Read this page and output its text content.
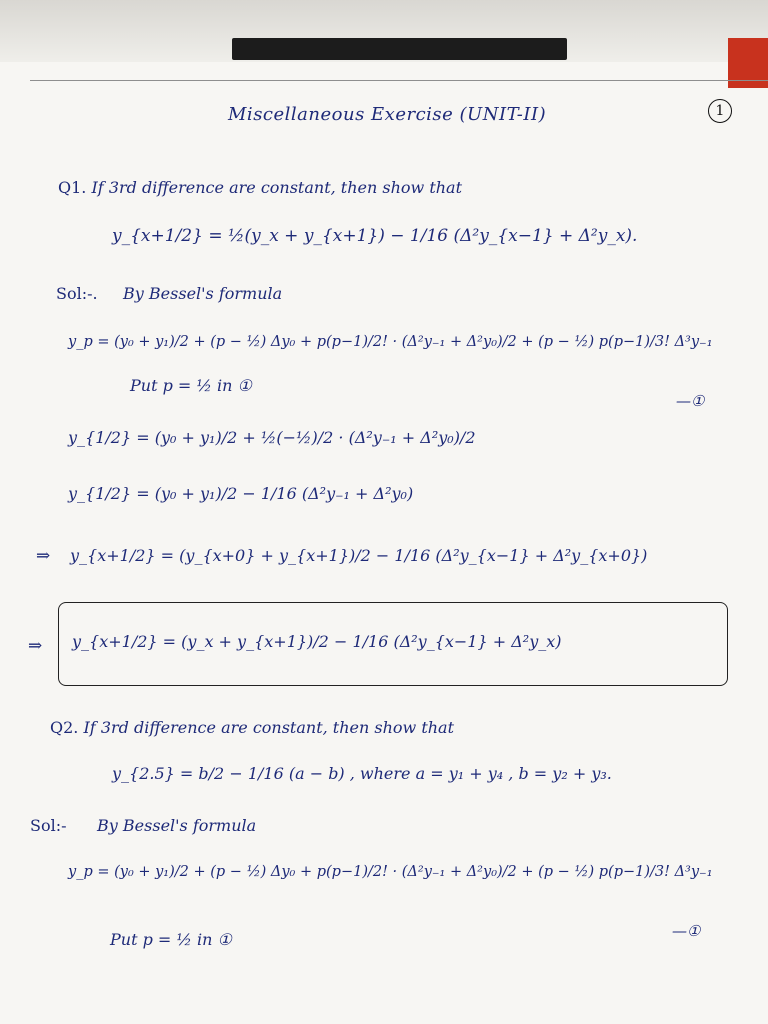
Miscellaneous Exercise (UNIT-II)	1
Q1. If 3rd difference are constant, then show that
y_{x+1/2} = ½(y_x + y_{x+1}) − 1/16 (Δ²y_{x−1} + Δ²y_x).
Sol:-. By Bessel's formula
y_p = (y₀ + y₁)/2 + (p − ½) Δy₀ + p(p−1)/2! · (Δ²y₋₁ + Δ²y₀)/2 + (p − ½) p(p−1)/3! Δ³y₋₁
Put p = ½ in ①
—①
y_{1/2} = (y₀ + y₁)/2 + ½(−½)/2 · (Δ²y₋₁ + Δ²y₀)/2
y_{1/2} = (y₀ + y₁)/2 − 1/16 (Δ²y₋₁ + Δ²y₀)
⇒ y_{x+1/2} = (y_{x+0} + y_{x+1})/2 − 1/16 (Δ²y_{x−1} + Δ²y_{x+0})
⇒ y_{x+1/2} = (y_x + y_{x+1})/2 − 1/16 (Δ²y_{x−1} + Δ²y_x)
Q2. If 3rd difference are constant, then show that
y_{2.5} = b/2 − 1/16 (a − b) , where a = y₁ + y₄ , b = y₂ + y₃.
Sol:- By Bessel's formula
y_p = (y₀ + y₁)/2 + (p − ½) Δy₀ + p(p−1)/2! · (Δ²y₋₁ + Δ²y₀)/2 + (p − ½) p(p−1)/3! Δ³y₋₁
Put p = ½ in ①	—①
